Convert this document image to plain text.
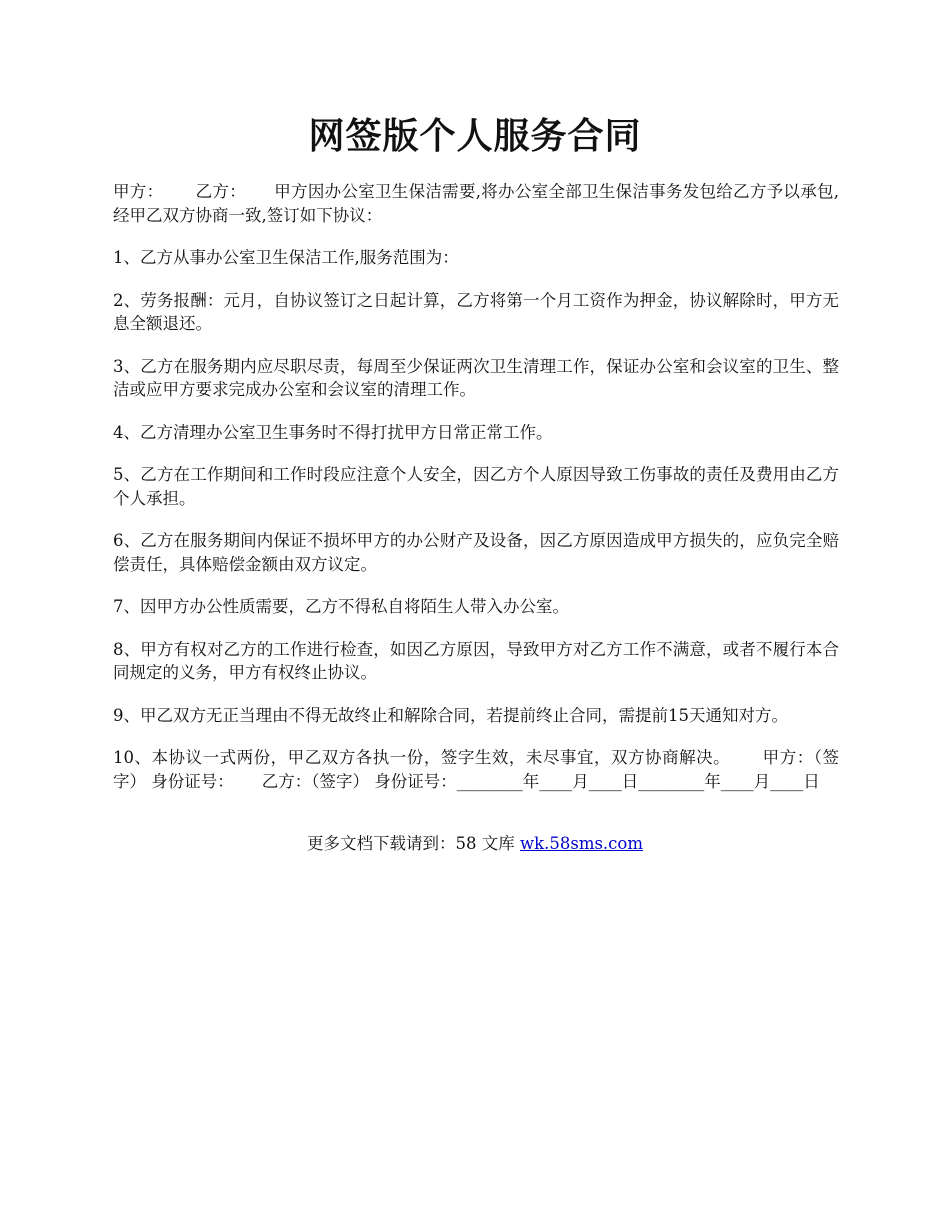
网签版个人服务合同

甲方： 乙方： 甲方因办公室卫生保洁需要,将办公室全部卫生保洁事务发包给乙方予以承包,经甲乙双方协商一致,签订如下协议：

1、乙方从事办公室卫生保洁工作,服务范围为：

2、劳务报酬：元月，自协议签订之日起计算，乙方将第一个月工资作为押金，协议解除时，甲方无息全额退还。

3、乙方在服务期内应尽职尽责，每周至少保证两次卫生清理工作，保证办公室和会议室的卫生、整洁或应甲方要求完成办公室和会议室的清理工作。

4、乙方清理办公室卫生事务时不得打扰甲方日常正常工作。

5、乙方在工作期间和工作时段应注意个人安全，因乙方个人原因导致工伤事故的责任及费用由乙方个人承担。

6、乙方在服务期间内保证不损坏甲方的办公财产及设备，因乙方原因造成甲方损失的，应负完全赔偿责任，具体赔偿金额由双方议定。

7、因甲方办公性质需要，乙方不得私自将陌生人带入办公室。

8、甲方有权对乙方的工作进行检查，如因乙方原因，导致甲方对乙方工作不满意，或者不履行本合同规定的义务，甲方有权终止协议。

9、甲乙双方无正当理由不得无故终止和解除合同，若提前终止合同，需提前15天通知对方。

10、本协议一式两份，甲乙双方各执一份，签字生效，未尽事宜，双方协商解决。 甲方：（签字） 身份证号： 乙方：（签字） 身份证号：________年____月____日________年____月____日

更多文档下载请到：58 文库 wk.58sms.com
